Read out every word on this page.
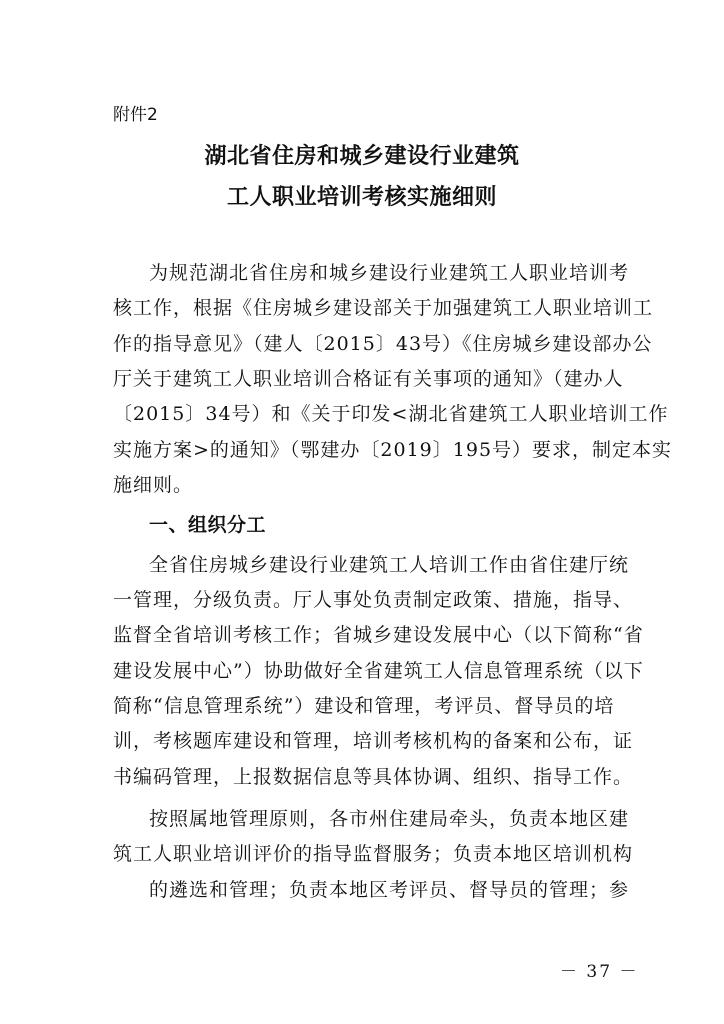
附件2
湖北省住房和城乡建设行业建筑
工人职业培训考核实施细则
为规范湖北省住房和城乡建设行业建筑工人职业培训考
核工作，根据《住房城乡建设部关于加强建筑工人职业培训工
作的指导意见》（建人〔2015〕43号）《住房城乡建设部办公
厅关于建筑工人职业培训合格证有关事项的通知》（建办人
〔2015〕34号）和《关于印发<湖北省建筑工人职业培训工作
实施方案>的通知》（鄂建办〔2019〕195号）要求，制定本实
施细则。
一、组织分工
全省住房城乡建设行业建筑工人培训工作由省住建厅统
一管理，分级负责。厅人事处负责制定政策、措施，指导、
监督全省培训考核工作；省城乡建设发展中心（以下简称“省
建设发展中心”）协助做好全省建筑工人信息管理系统（以下
简称“信息管理系统”）建设和管理，考评员、督导员的培
训，考核题库建设和管理，培训考核机构的备案和公布，证
书编码管理，上报数据信息等具体协调、组织、指导工作。
按照属地管理原则，各市州住建局牵头，负责本地区建
筑工人职业培训评价的指导监督服务；负责本地区培训机构
的遴选和管理；负责本地区考评员、督导员的管理；参
－ 37 －
